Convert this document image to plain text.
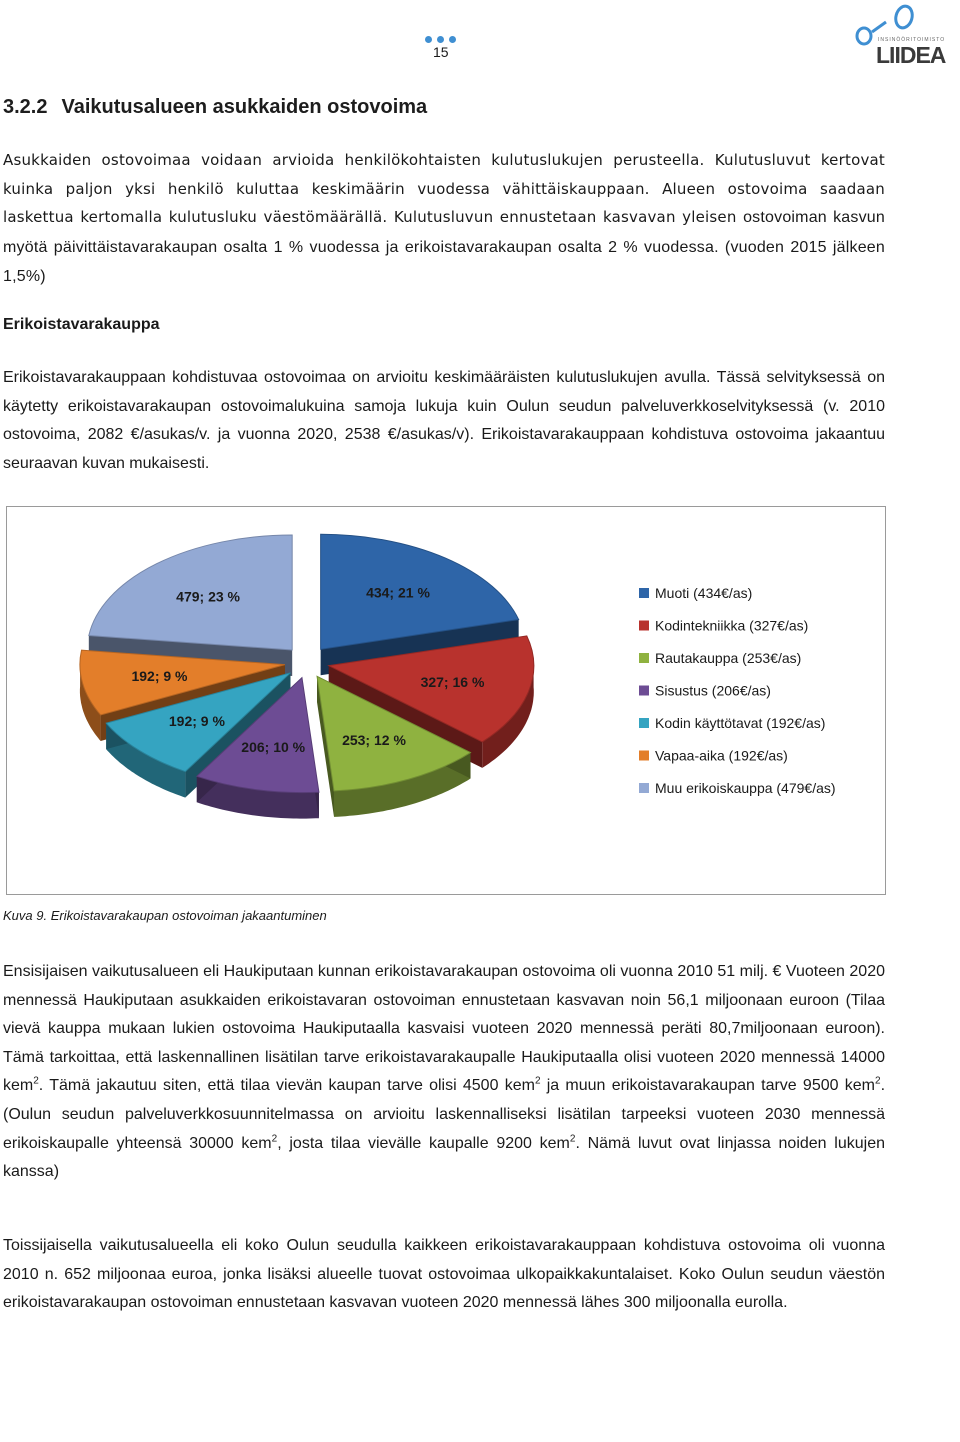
15
INSINÖÖRITOIMISTO
LIIDEA
3.2.2 Vaikutusalueen asukkaiden ostovoima

Asukkaiden ostovoimaa voidaan arvioida henkilökohtaisten kulutuslukujen perusteella. Kulutusluvut kertovat kuinka paljon yksi henkilö kuluttaa keskimäärin vuodessa vähittäiskauppaan. Alueen ostovoima saadaan laskettua kertomalla kulutusluku väestömäärällä. Kulutusluvun ennustetaan kasvavan yleisen ostovoiman kasvun myötä päivittäistavarakaupan osalta 1 % vuodessa ja erikoistavarakaupan osalta 2 % vuodessa. (vuoden 2015 jälkeen 1,5%)

Erikoistavarakauppa

Erikoistavarakauppaan kohdistuvaa ostovoimaa on arvioitu keskimääräisten kulutuslukujen avulla. Tässä selvityksessä on käytetty erikoistavarakaupan ostovoimalukuina samoja lukuja kuin Oulun seudun palveluverkkoselvityksessä (v. 2010 ostovoima, 2082 €/asukas/v. ja vuonna 2020, 2538 €/asukas/v). Erikoistavarakauppaan kohdistuva ostovoima jakaantuu seuraavan kuvan mukaisesti.

434; 21 %
327; 16 %
253; 12 %
206; 10 %
192; 9 %
192; 9 %
479; 23 %	Muoti (434€/as)
Kodintekniikka (327€/as)
Rautakauppa (253€/as)
Sisustus (206€/as)
Kodin käyttötavat (192€/as)
Vapaa-aika (192€/as)
Muu erikoiskauppa (479€/as)
Kuva 9. Erikoistavarakaupan ostovoiman jakaantuminen

Ensisijaisen vaikutusalueen eli Haukiputaan kunnan erikoistavarakaupan ostovoima oli vuonna 2010 51 milj. € Vuoteen 2020 mennessä Haukiputaan asukkaiden erikoistavaran ostovoiman ennustetaan kasvavan noin 56,1 miljoonaan euroon (Tilaa vievä kauppa mukaan lukien ostovoima Haukiputaalla kasvaisi vuoteen 2020 mennessä peräti 80,7miljoonaan euroon). Tämä tarkoittaa, että laskennallinen lisätilan tarve erikoistavarakaupalle Haukiputaalla olisi vuoteen 2020 mennessä 14000 kem$^2$. Tämä jakautuu siten, että tilaa vievän kaupan tarve olisi 4500 kem$^2$ ja muun erikoistavarakaupan tarve 9500 kem$^2$. (Oulun seudun palveluverkkosuunnitelmassa on arvioitu laskennalliseksi lisätilan tarpeeksi vuoteen 2030 mennessä erikoiskaupalle yhteensä 30000 kem$^2$, josta tilaa vievälle kaupalle 9200 kem$^2$. Nämä luvut ovat linjassa noiden lukujen kanssa)

Toissijaisella vaikutusalueella eli koko Oulun seudulla kaikkeen erikoistavarakauppaan kohdistuva ostovoima oli vuonna 2010 n. 652 miljoonaa euroa, jonka lisäksi alueelle tuovat ostovoimaa ulkopaikkakuntalaiset. Koko Oulun seudun väestön erikoistavarakaupan ostovoiman ennustetaan kasvavan vuoteen 2020 mennessä lähes 300 miljoonalla eurolla.
